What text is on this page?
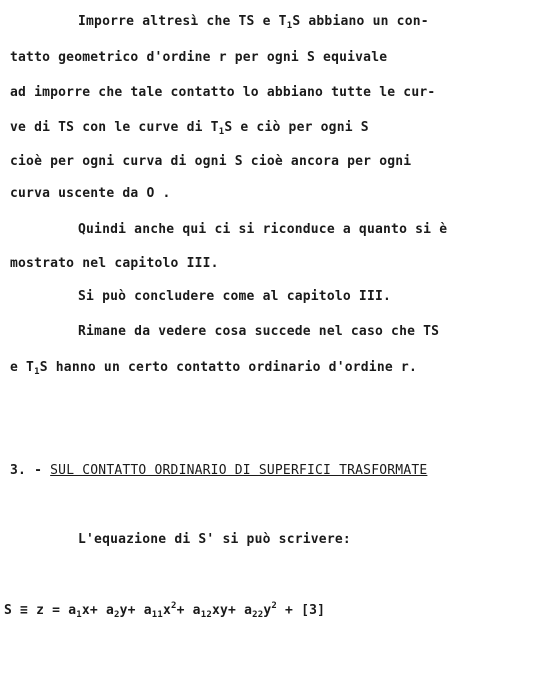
Imporre altresì che TS e $T_1S$ abbiano un con-
tatto geometrico d'ordine r per ogni S equivale
ad imporre che tale contatto lo abbiano tutte le cur-
ve di TS con le curve di $T_1S$ e ciò per ogni S
cioè per ogni curva di ogni S cioè ancora per ogni
curva uscente da O .
Quindi anche qui ci si riconduce a quanto si è
mostrato nel capitolo III.
Si può concludere come al capitolo III.
Rimane da vedere cosa succede nel caso che TS
e $T_1S$ hanno un certo contatto ordinario d'ordine r.
3. - SUL CONTATTO ORDINARIO DI SUPERFICI TRASFORMATE
L'equazione di S' si può scrivere:
$S \equiv z = a_1x+ a_2y+ a_{11}x^2+ a_{12}xy+ a_{22}y^2 + [3]$
